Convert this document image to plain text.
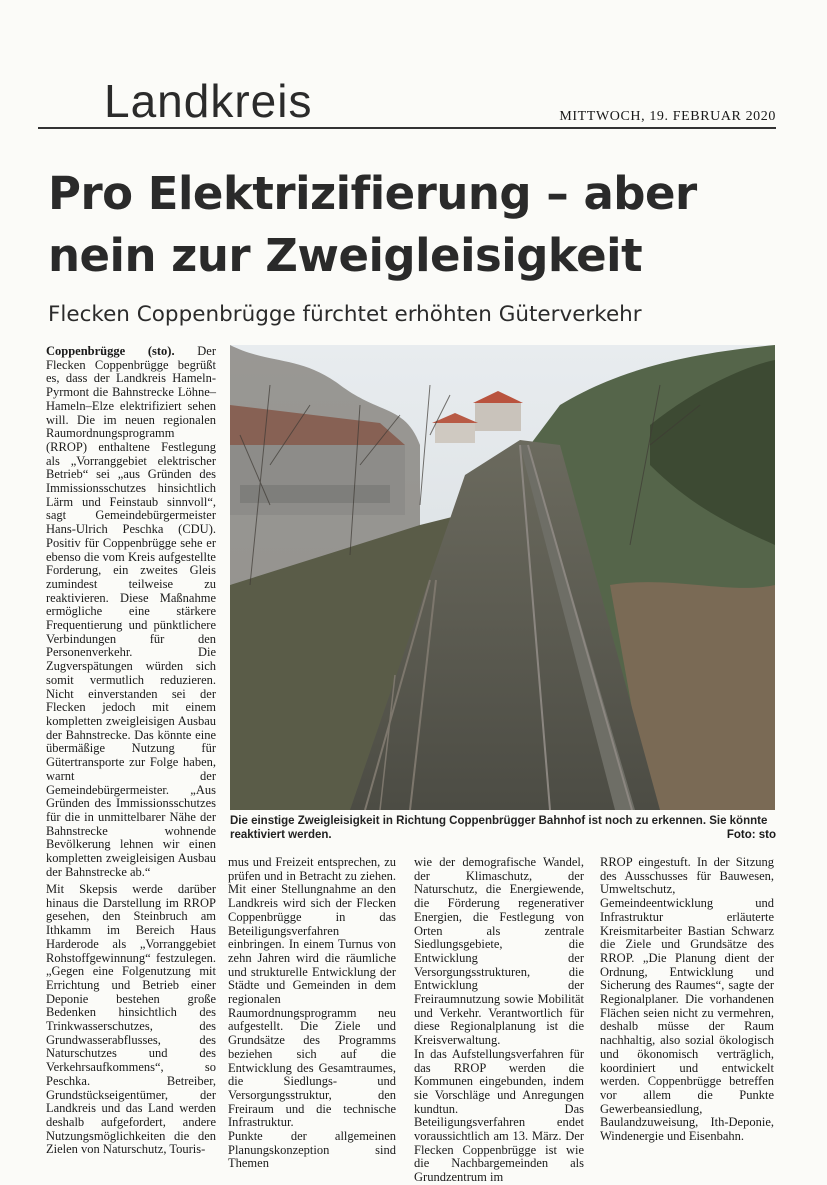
Landkreis	MITTWOCH, 19. FEBRUAR 2020
Pro Elektrizifierung – aber
nein zur Zweigleisigkeit
Flecken Coppenbrügge fürchtet erhöhten Güterverkehr

Coppenbrügge (sto). Der Flecken Coppenbrügge begrüßt es, dass der Landkreis Hameln-Pyrmont die Bahnstrecke Löhne–Hameln–Elze elektrifiziert sehen will. Die im neuen regionalen Raumordnungsprogramm (RROP) enthaltene Festlegung als „Vorranggebiet elektrischer Betrieb“ sei „aus Gründen des Immissionsschutzes hinsichtlich Lärm und Feinstaub sinnvoll“, sagt Gemeindebürgermeister Hans-Ulrich Peschka (CDU). Positiv für Coppenbrügge sehe er ebenso die vom Kreis aufgestellte Forderung, ein zweites Gleis zumindest teilweise zu reaktivieren. Diese Maßnahme ermögliche eine stärkere Frequentierung und pünktlichere Verbindungen für den Personenverkehr. Die Zugverspätungen würden sich somit vermutlich reduzieren. Nicht einverstanden sei der Flecken jedoch mit einem kompletten zweigleisigen Ausbau der Bahnstrecke. Das könnte eine übermäßige Nutzung für Gütertransporte zur Folge haben, warnt der Gemeindebürgermeister. „Aus Gründen des Immissionsschutzes für die in unmittelbarer Nähe der Bahnstrecke wohnende Bevölkerung lehnen wir einen kompletten zweigleisigen Ausbau der Bahnstrecke ab.“

Mit Skepsis werde darüber hinaus die Darstellung im RROP gesehen, den Steinbruch am Ithkamm im Bereich Haus Harderode als „Vorranggebiet Rohstoffgewinnung“ festzulegen. „Gegen eine Folgenutzung mit Errichtung und Betrieb einer Deponie bestehen große Bedenken hinsichtlich des Trinkwasserschutzes, des Grundwasserabflusses, des Naturschutzes und des Verkehrsaufkommens“, so Peschka. Betreiber, Grundstückseigentümer, der Landkreis und das Land werden deshalb aufgefordert, andere Nutzungsmöglichkeiten die den Zielen von Naturschutz, Touris-

mus und Freizeit entsprechen, zu prüfen und in Betracht zu ziehen. Mit einer Stellungnahme an den Landkreis wird sich der Flecken Coppenbrügge in das Beteiligungsverfahren einbringen. In einem Turnus von zehn Jahren wird die räumliche und strukturelle Entwicklung der Städte und Gemeinden in dem regionalen Raumordnungsprogramm neu aufgestellt. Die Ziele und Grundsätze des Programms beziehen sich auf die Entwicklung des Gesamtraumes, die Siedlungs- und Versorgungsstruktur, den Freiraum und die technische Infrastruktur.
Punkte der allgemeinen Planungskonzeption sind Themen

wie der demografische Wandel, der Klimaschutz, der Naturschutz, die Energiewende, die Förderung regenerativer Energien, die Festlegung von Orten als zentrale Siedlungsgebiete, die Entwicklung der Versorgungsstrukturen, die Entwicklung der Freiraumnutzung sowie Mobilität und Verkehr. Verantwortlich für diese Regionalplanung ist die Kreisverwaltung.
In das Aufstellungsverfahren für das RROP werden die Kommunen eingebunden, indem sie Vorschläge und Anregungen kundtun. Das Beteiligungsverfahren endet voraussichtlich am 13. März. Der Flecken Coppenbrügge ist wie die Nachbargemeinden als Grundzentrum im

RROP eingestuft. In der Sitzung des Ausschusses für Bauwesen, Umweltschutz, Gemeindeentwicklung und Infrastruktur erläuterte Kreismitarbeiter Bastian Schwarz die Ziele und Grundsätze des RROP. „Die Planung dient der Ordnung, Entwicklung und Sicherung des Raumes“, sagte der Regionalplaner. Die vorhandenen Flächen seien nicht zu vermehren, deshalb müsse der Raum nachhaltig, also sozial ökologisch und ökonomisch verträglich, koordiniert und entwickelt werden. Coppenbrügge betreffen vor allem die Punkte Gewerbeansiedlung, Baulandzuweisung, Ith-Deponie, Windenergie und Eisenbahn.

Die einstige Zweigleisigkeit in Richtung Coppenbrügger Bahnhof ist noch zu erkennen. Sie könnte reaktiviert werden.	Foto: sto
